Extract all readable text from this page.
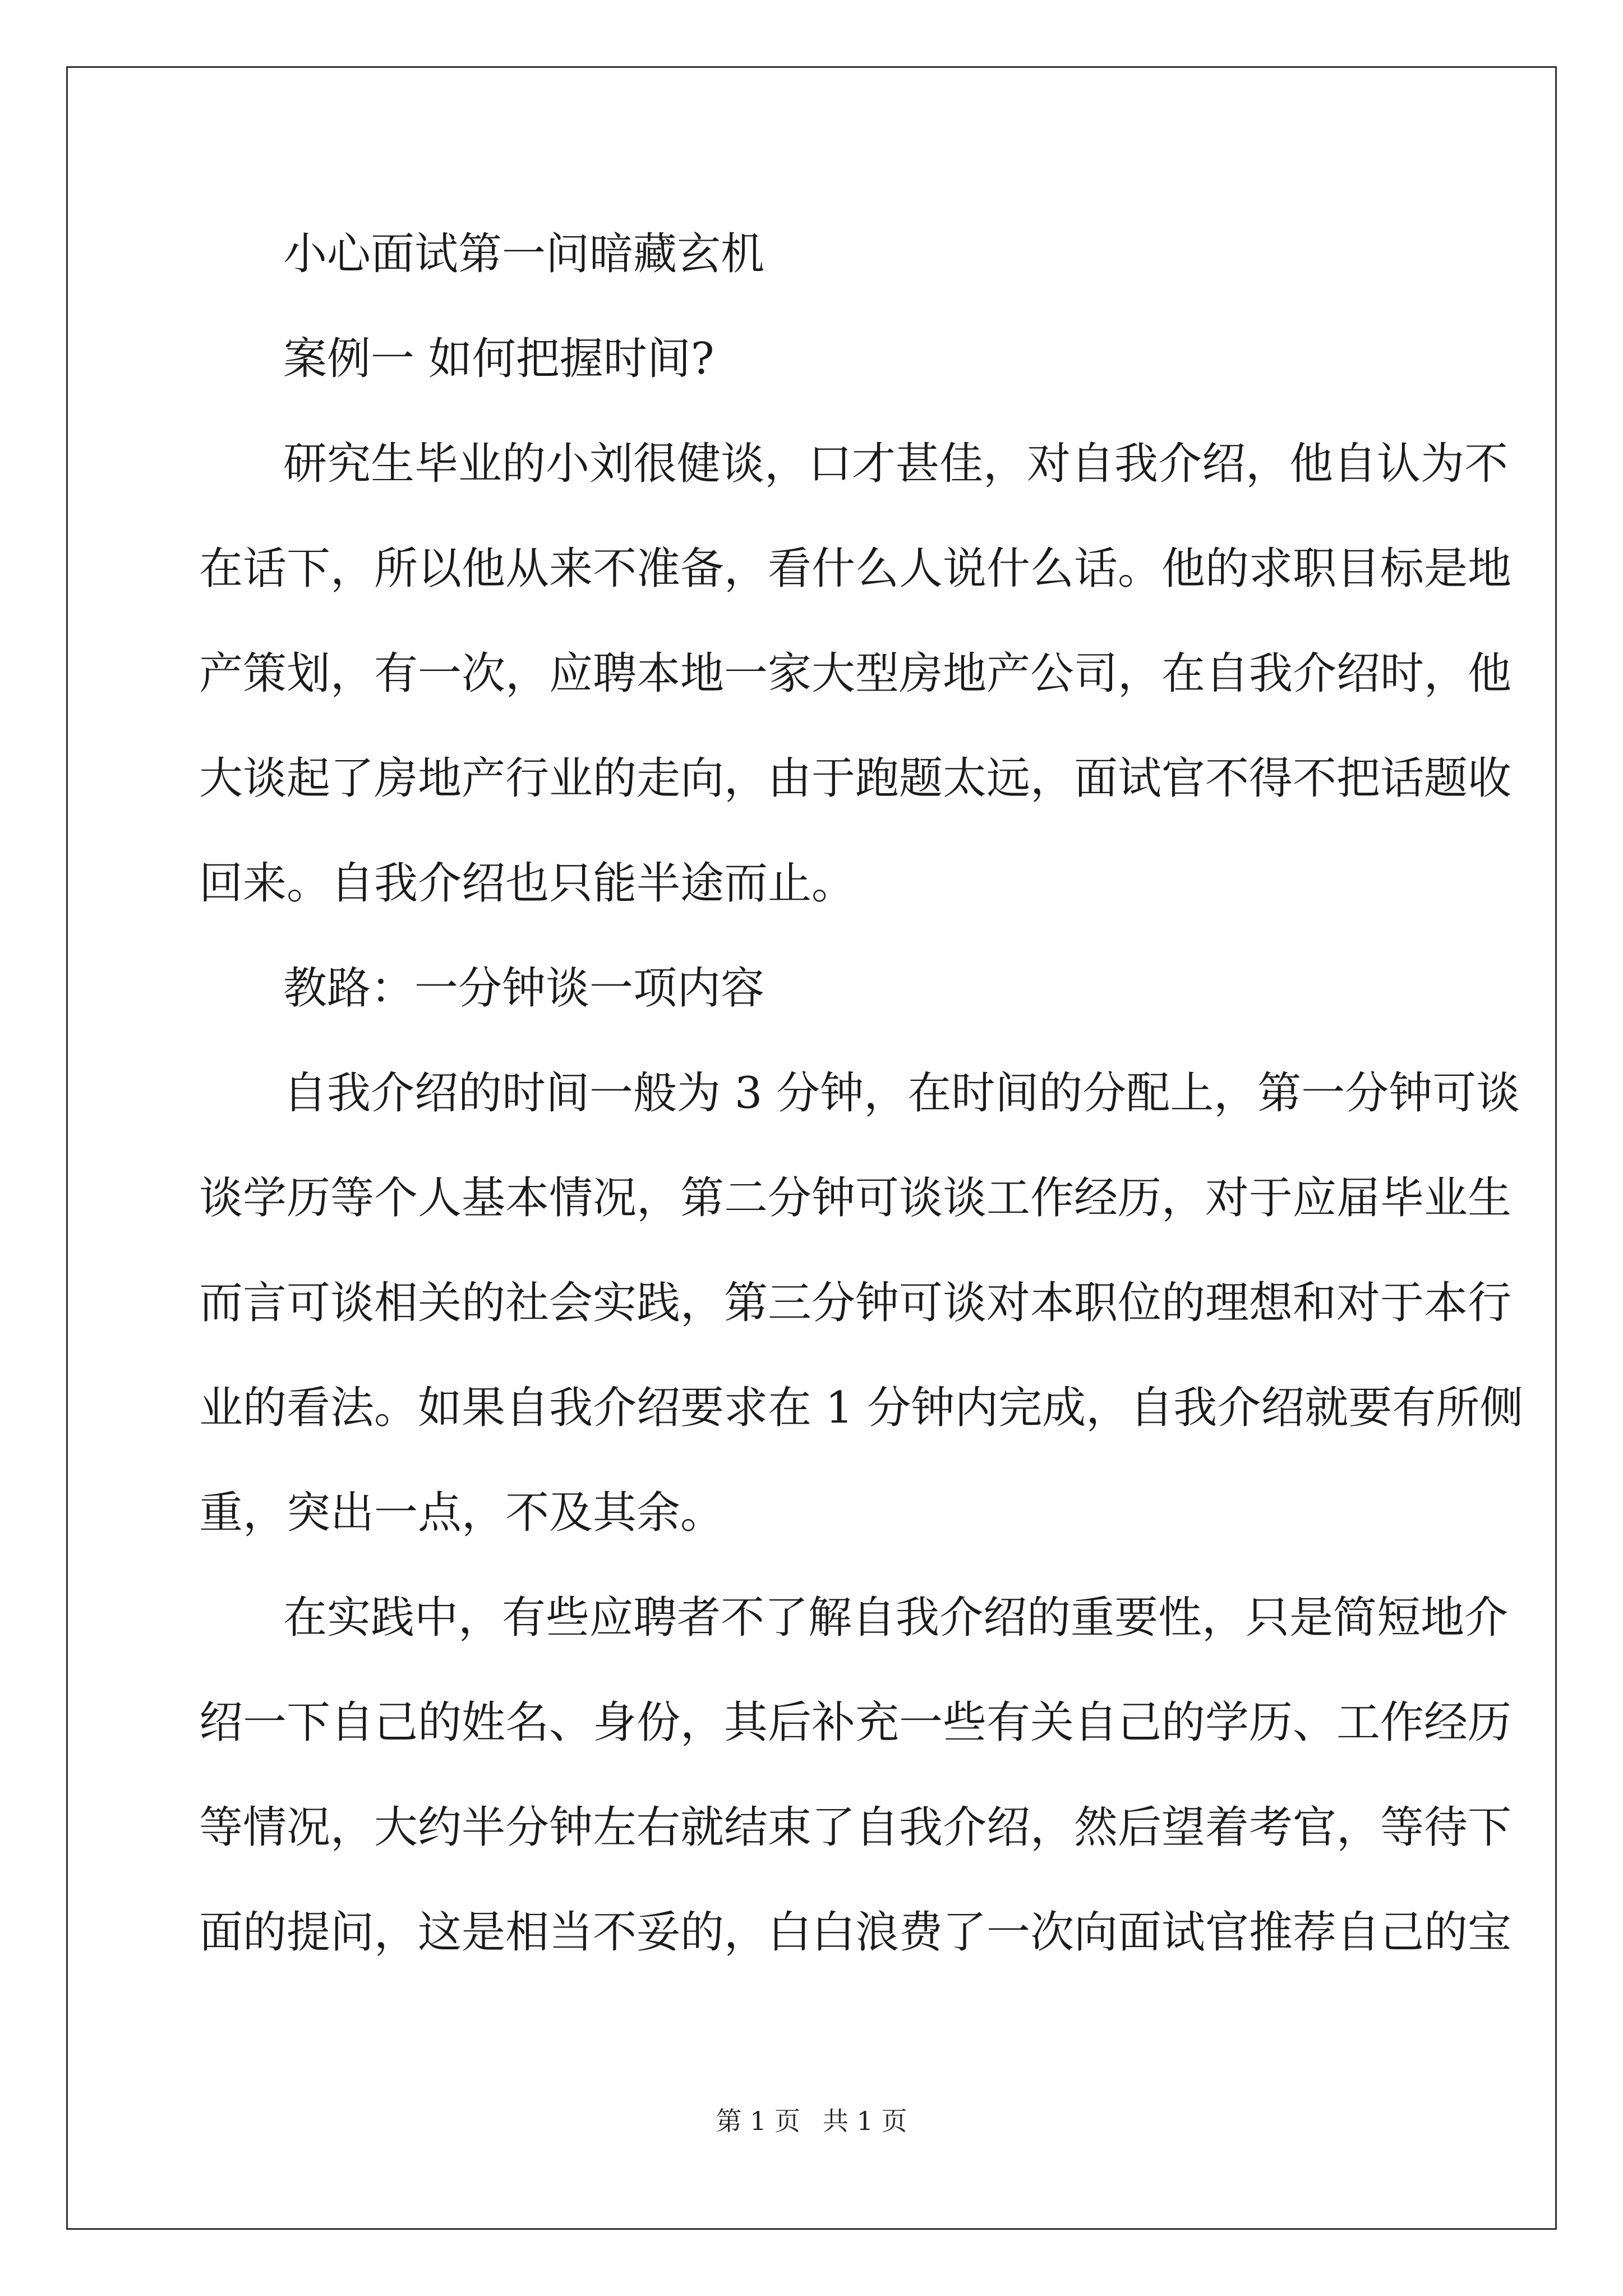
小心面试第一问暗藏玄机

案例一 如何把握时间?

研究生毕业的小刘很健谈，口才甚佳，对自我介绍，他自认为不
在话下，所以他从来不准备，看什么人说什么话。他的求职目标是地
产策划，有一次，应聘本地一家大型房地产公司，在自我介绍时，他
大谈起了房地产行业的走向，由于跑题太远，面试官不得不把话题收
回来。自我介绍也只能半途而止。

教路：一分钟谈一项内容

自我介绍的时间一般为 3 分钟，在时间的分配上，第一分钟可谈
谈学历等个人基本情况，第二分钟可谈谈工作经历，对于应届毕业生
而言可谈相关的社会实践，第三分钟可谈对本职位的理想和对于本行
业的看法。如果自我介绍要求在 1 分钟内完成，自我介绍就要有所侧
重，突出一点，不及其余。
在实践中，有些应聘者不了解自我介绍的重要性，只是简短地介
绍一下自己的姓名、身份，其后补充一些有关自己的学历、工作经历
等情况，大约半分钟左右就结束了自我介绍，然后望着考官，等待下
面的提问，这是相当不妥的，白白浪费了一次向面试官推荐自己的宝
第 1 页 共 1 页
